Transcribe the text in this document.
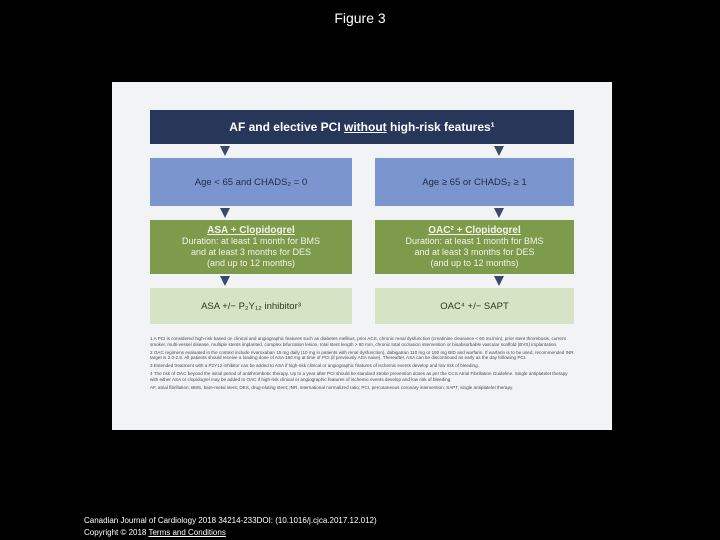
Figure 3
AF and elective PCI without high-risk features¹
Age < 65 and CHADS₂ = 0	Age ≥ 65 or CHADS₂ ≥ 1
ASA + Clopidogrel
Duration: at least 1 month for BMS
and at least 3 months for DES
(and up to 12 months)
OAC² + Clopidogrel
Duration: at least 1 month for BMS
and at least 3 months for DES
(and up to 12 months)
ASA +/− P₂Y₁₂ inhibitor³	OAC⁴ +/− SAPT

1 A PCI is considered high-risk based on clinical and angiographic features such as diabetes mellitus, prior ACS, chronic renal dysfunction (creatinine clearance < 60 mL/min), prior stent thrombosis, current smoker, multi-vessel disease, multiple stents implanted, complex bifurcation lesion, total stent length > 60 mm, chronic total occlusion intervention or bioabsorbable vascular scaffold (BVS) implantation.

2 OAC regimens evaluated in the context include rivaroxaban 15 mg daily (10 mg in patients with renal dysfunction), dabigatran 110 mg or 150 mg BID and warfarin. If warfarin is to be used, recommended INR target is 2.0-2.5. All patients should receive a loading dose of ASA 160 mg at time of PCI (if previously ASA naive). Thereafter, ASA can be discontinued as early as the day following PCI.

3 Extended treatment with a P2Y12 inhibitor can be added to ASA if high-risk clinical or angiographic features of ischemic events develop and low risk of bleeding.

4 The risk of OAC beyond the initial period of antithrombotic therapy. Up to a year after PCI should be standard stroke prevention doses as per the CCS Atrial Fibrillation Guideline. Single antiplatelet therapy with either ASA or clopidogrel may be added to OAC if high-risk clinical or angiographic features of ischemic events develop and low risk of bleeding.

AF, atrial fibrillation; BMS, bare-metal stent; DES, drug-eluting stent; INR, international normalized ratio; PCI, percutaneous coronary intervention; SAPT, single antiplatelet therapy.

Canadian Journal of Cardiology 2018 34214-233DOI: (10.1016/j.cjca.2017.12.012)
Copyright © 2018 Terms and Conditions
